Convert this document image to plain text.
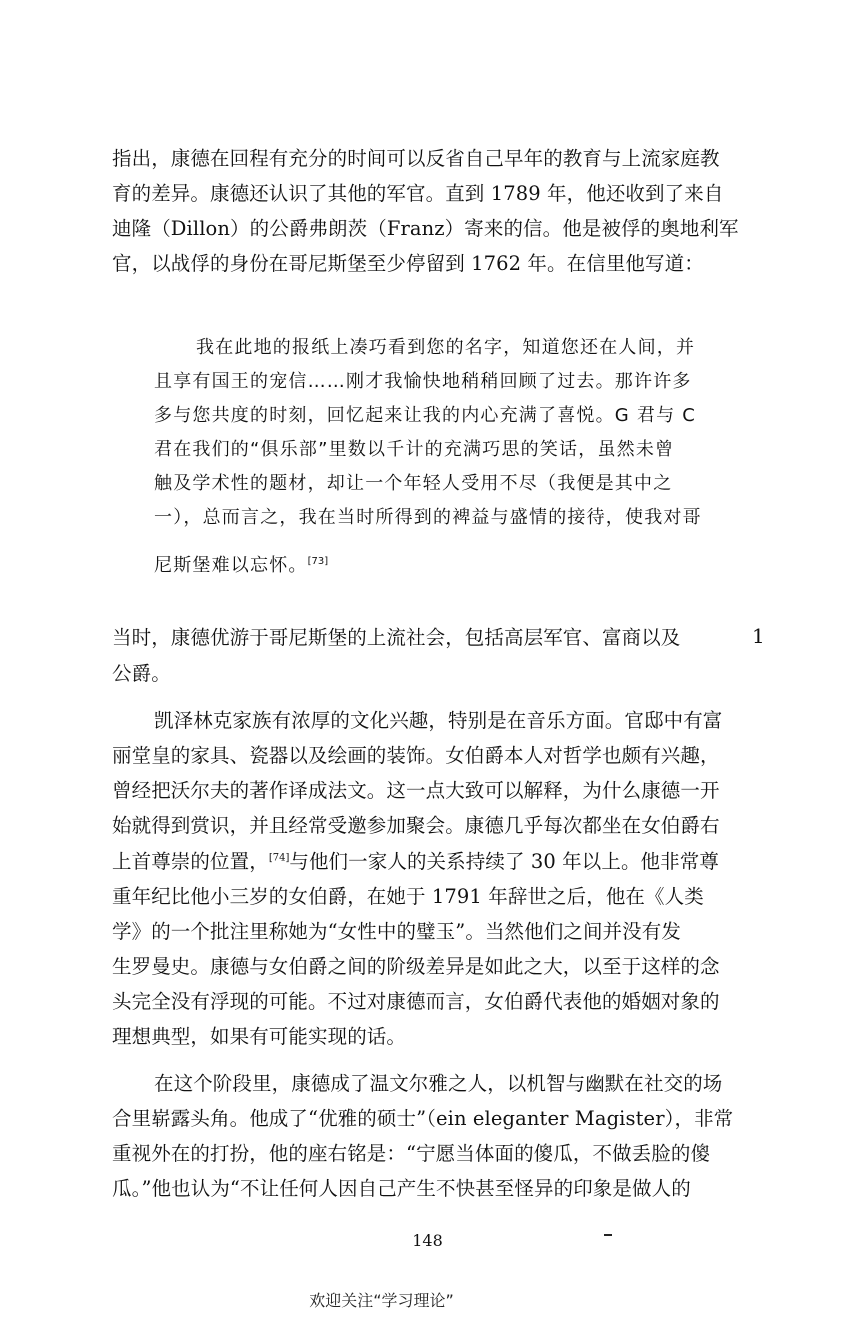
指出，康德在回程有充分的时间可以反省自己早年的教育与上流家庭教
育的差异。康德还认识了其他的军官。直到 1789 年，他还收到了来自
迪隆（Dillon）的公爵弗朗茨（Franz）寄来的信。他是被俘的奥地利军
官，以战俘的身份在哥尼斯堡至少停留到 1762 年。在信里他写道：
我在此地的报纸上凑巧看到您的名字，知道您还在人间，并
且享有国王的宠信……刚才我愉快地稍稍回顾了过去。那许许多
多与您共度的时刻，回忆起来让我的内心充满了喜悦。G 君与 C
君在我们的“俱乐部”里数以千计的充满巧思的笑话，虽然未曾
触及学术性的题材，却让一个年轻人受用不尽（我便是其中之
一），总而言之，我在当时所得到的裨益与盛情的接待，使我对哥
尼斯堡难以忘怀。[73]
当时，康德优游于哥尼斯堡的上流社会，包括高层军官、富商以及
公爵。
1
凯泽林克家族有浓厚的文化兴趣，特别是在音乐方面。官邸中有富
丽堂皇的家具、瓷器以及绘画的装饰。女伯爵本人对哲学也颇有兴趣，
曾经把沃尔夫的著作译成法文。这一点大致可以解释，为什么康德一开
始就得到赏识，并且经常受邀参加聚会。康德几乎每次都坐在女伯爵右
上首尊崇的位置，[74]与他们一家人的关系持续了 30 年以上。他非常尊
重年纪比他小三岁的女伯爵，在她于 1791 年辞世之后，他在《人类
学》的一个批注里称她为“女性中的璧玉”。当然他们之间并没有发
生罗曼史。康德与女伯爵之间的阶级差异是如此之大，以至于这样的念
头完全没有浮现的可能。不过对康德而言，女伯爵代表他的婚姻对象的
理想典型，如果有可能实现的话。
在这个阶段里，康德成了温文尔雅之人，以机智与幽默在社交的场
合里崭露头角。他成了“优雅的硕士”（ein eleganter Magister），非常
重视外在的打扮，他的座右铭是：“宁愿当体面的傻瓜，不做丢脸的傻
瓜。”他也认为“不让任何人因自己产生不快甚至怪异的印象是做人的
148
欢迎关注“学习理论”
